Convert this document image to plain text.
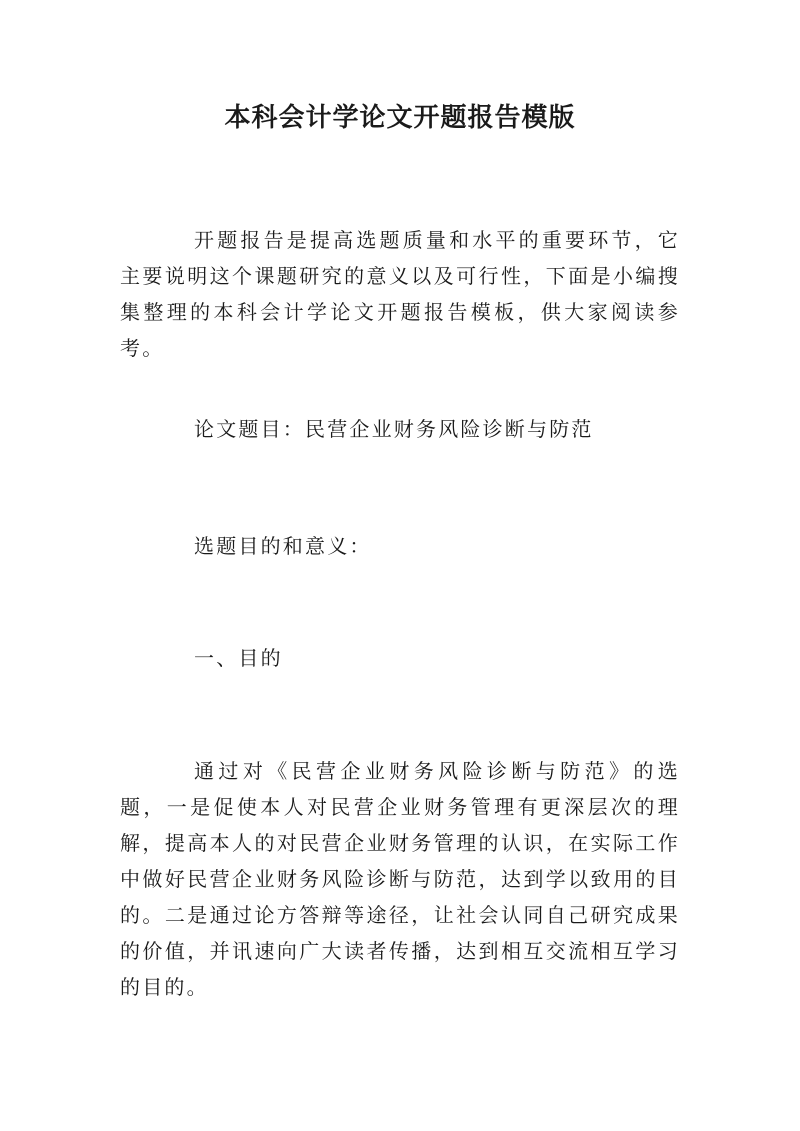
本科会计学论文开题报告模版

开题报告是提高选题质量和水平的重要环节，它主要说明这个课题研究的意义以及可行性，下面是小编搜集整理的本科会计学论文开题报告模板，供大家阅读参考。

论文题目：民营企业财务风险诊断与防范

选题目的和意义：

一、目的

通过对《民营企业财务风险诊断与防范》的选题，一是促使本人对民营企业财务管理有更深层次的理解，提高本人的对民营企业财务管理的认识，在实际工作中做好民营企业财务风险诊断与防范，达到学以致用的目的。二是通过论方答辩等途径，让社会认同自己研究成果的价值，并讯速向广大读者传播，达到相互交流相互学习的目的。
